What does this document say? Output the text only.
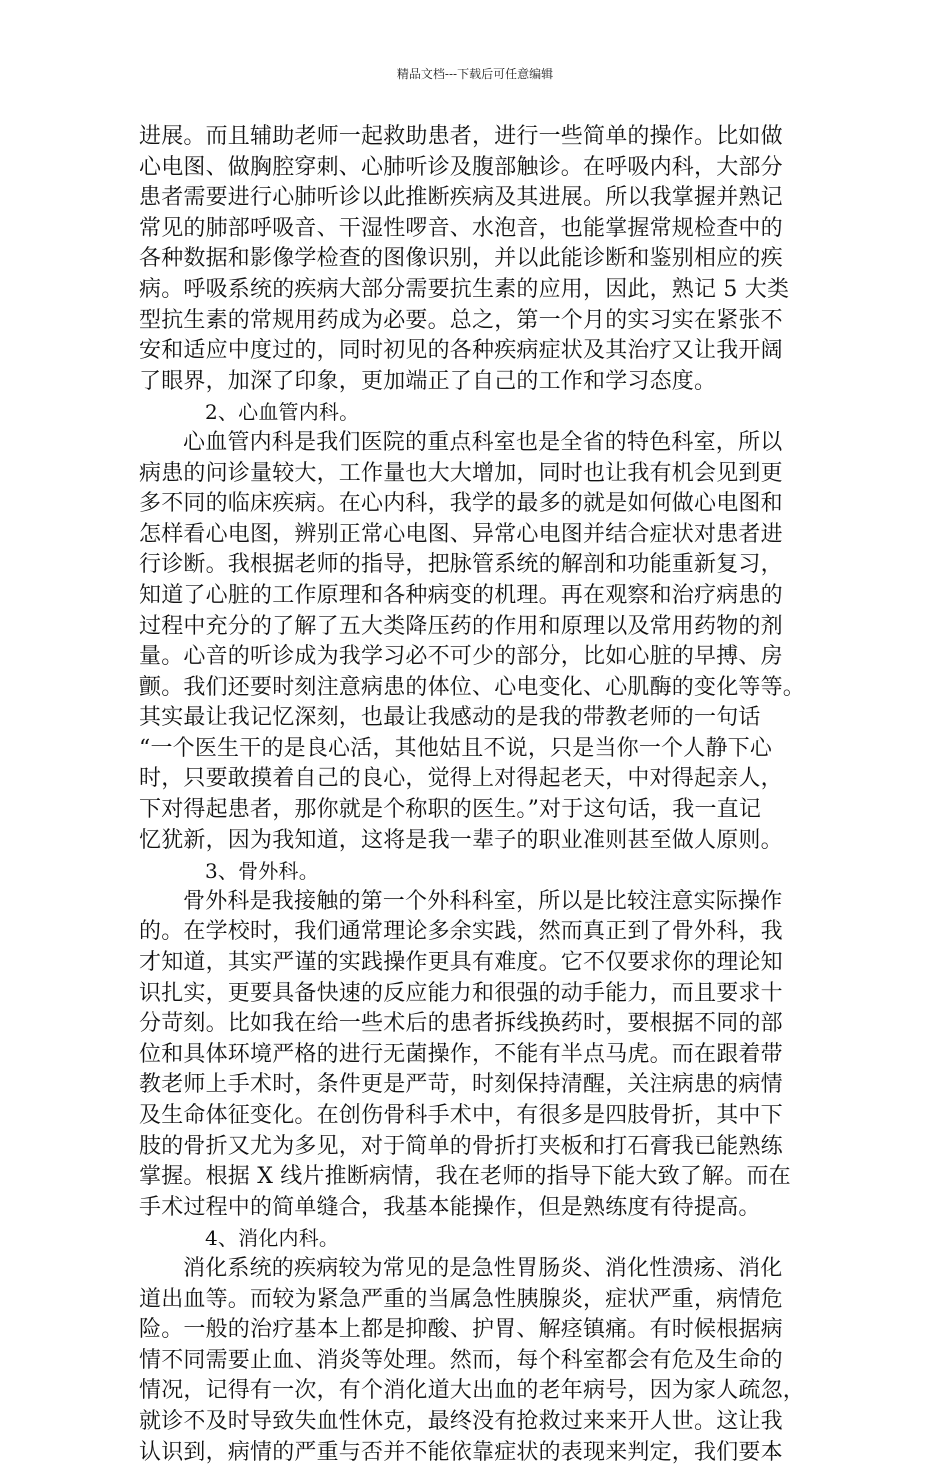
精品文档---下载后可任意编辑
进展。而且辅助老师一起救助患者，进行一些简单的操作。比如做
心电图、做胸腔穿刺、心肺听诊及腹部触诊。在呼吸内科，大部分
患者需要进行心肺听诊以此推断疾病及其进展。所以我掌握并熟记
常见的肺部呼吸音、干湿性啰音、水泡音，也能掌握常规检查中的
各种数据和影像学检查的图像识别，并以此能诊断和鉴别相应的疾
病。呼吸系统的疾病大部分需要抗生素的应用，因此，熟记 5 大类
型抗生素的常规用药成为必要。总之，第一个月的实习实在紧张不
安和适应中度过的，同时初见的各种疾病症状及其治疗又让我开阔
了眼界，加深了印象，更加端正了自己的工作和学习态度。
2、心血管内科。
心血管内科是我们医院的重点科室也是全省的特色科室，所以
病患的问诊量较大，工作量也大大增加，同时也让我有机会见到更
多不同的临床疾病。在心内科，我学的最多的就是如何做心电图和
怎样看心电图，辨别正常心电图、异常心电图并结合症状对患者进
行诊断。我根据老师的指导，把脉管系统的解剖和功能重新复习，
知道了心脏的工作原理和各种病变的机理。再在观察和治疗病患的
过程中充分的了解了五大类降压药的作用和原理以及常用药物的剂
量。心音的听诊成为我学习必不可少的部分，比如心脏的早搏、房
颤。我们还要时刻注意病患的体位、心电变化、心肌酶的变化等等。
其实最让我记忆深刻，也最让我感动的是我的带教老师的一句话
“一个医生干的是良心活，其他姑且不说，只是当你一个人静下心
时，只要敢摸着自己的良心，觉得上对得起老天，中对得起亲人，
下对得起患者，那你就是个称职的医生。”对于这句话，我一直记
忆犹新，因为我知道，这将是我一辈子的职业准则甚至做人原则。
3、骨外科。
骨外科是我接触的第一个外科科室，所以是比较注意实际操作
的。在学校时，我们通常理论多余实践，然而真正到了骨外科，我
才知道，其实严谨的实践操作更具有难度。它不仅要求你的理论知
识扎实，更要具备快速的反应能力和很强的动手能力，而且要求十
分苛刻。比如我在给一些术后的患者拆线换药时，要根据不同的部
位和具体环境严格的进行无菌操作，不能有半点马虎。而在跟着带
教老师上手术时，条件更是严苛，时刻保持清醒，关注病患的病情
及生命体征变化。在创伤骨科手术中，有很多是四肢骨折，其中下
肢的骨折又尤为多见，对于简单的骨折打夹板和打石膏我已能熟练
掌握。根据 X 线片推断病情，我在老师的指导下能大致了解。而在
手术过程中的简单缝合，我基本能操作，但是熟练度有待提高。
4、消化内科。
消化系统的疾病较为常见的是急性胃肠炎、消化性溃疡、消化
道出血等。而较为紧急严重的当属急性胰腺炎，症状严重，病情危
险。一般的治疗基本上都是抑酸、护胃、解痉镇痛。有时候根据病
情不同需要止血、消炎等处理。然而，每个科室都会有危及生命的
情况，记得有一次，有个消化道大出血的老年病号，因为家人疏忽，
就诊不及时导致失血性休克，最终没有抢救过来来开人世。这让我
认识到，病情的严重与否并不能依靠症状的表现来判定，我们要本
